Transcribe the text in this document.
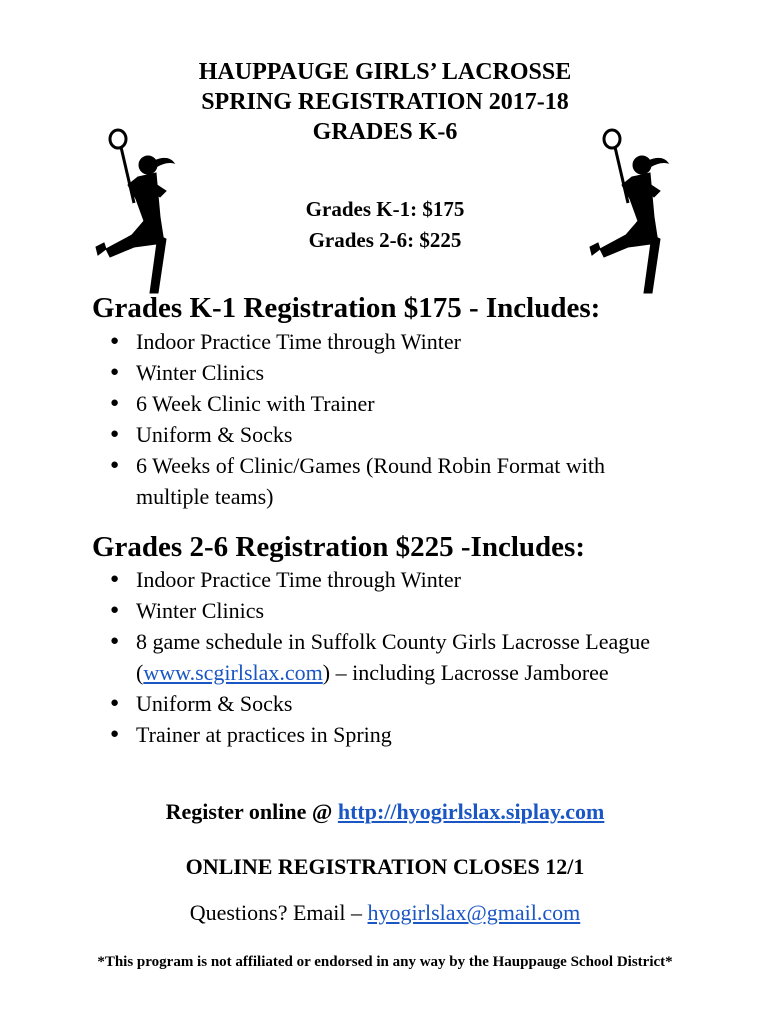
HAUPPAUGE GIRLS’ LACROSSE
SPRING REGISTRATION 2017-18
GRADES K-6
Grades K-1: $175
Grades 2-6: $225
Grades K-1 Registration $175 - Includes:
● Indoor Practice Time through Winter
● Winter Clinics
● 6 Week Clinic with Trainer
● Uniform & Socks
● 6 Weeks of Clinic/Games (Round Robin Format with multiple teams)
Grades 2-6 Registration $225 -Includes:
● Indoor Practice Time through Winter
● Winter Clinics
● 8 game schedule in Suffolk County Girls Lacrosse League (www.scgirlslax.com) – including Lacrosse Jamboree
● Uniform & Socks
● Trainer at practices in Spring
Register online @ http://hyogirlslax.siplay.com
ONLINE REGISTRATION CLOSES 12/1
Questions? Email – hyogirlslax@gmail.com
*This program is not affiliated or endorsed in any way by the Hauppauge School District*
